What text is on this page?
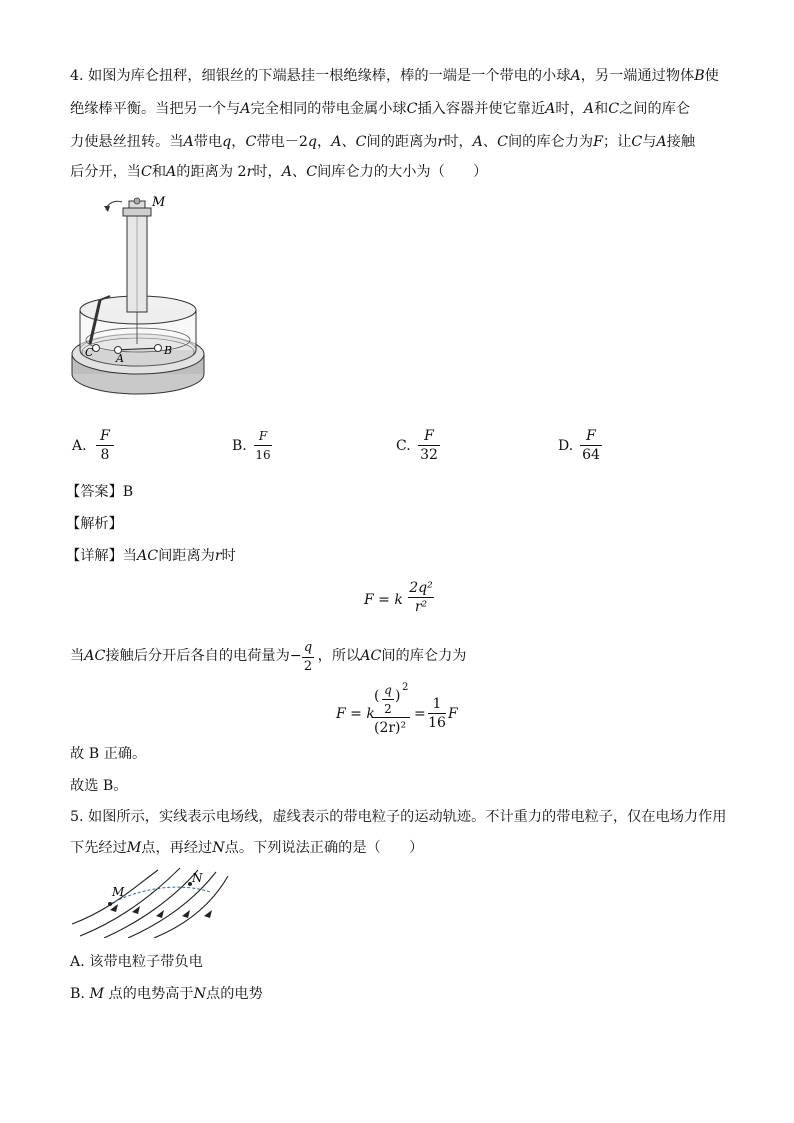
4. 如图为库仑扭秤，细银丝的下端悬挂一根绝缘棒，棒的一端是一个带电的小球A，另一端通过物体B使
绝缘棒平衡。当把另一个与A完全相同的带电金属小球C插入容器并使它靠近A时，A和C之间的库仑
力使悬丝扭转。当A带电q，C带电－2q，A、C间的距离为r时，A、C间的库仑力为F；让C与A接触
后分开，当C和A的距离为 2r时，A、C间库仑力的大小为（　　）
M
C A
B
A.
F
8
B.
F
16
C.
F
32
D.
F
64
【答案】B
【解析】
【详解】当AC间距离为r时
F = k
2q²
r²
当AC接触后分开后各自的电荷量为− ，所以AC间的库仑力为
q
2
F = k
( q
2
)
2
(2r)²
=
1
16
F
故 B 正确。
故选 B。
5. 如图所示，实线表示电场线，虚线表示的带电粒子的运动轨迹。不计重力的带电粒子，仅在电场力作用
下先经过M点，再经过N点。下列说法正确的是（　　）
M
N
A. 该带电粒子带负电
B. M 点的电势高于N点的电势
